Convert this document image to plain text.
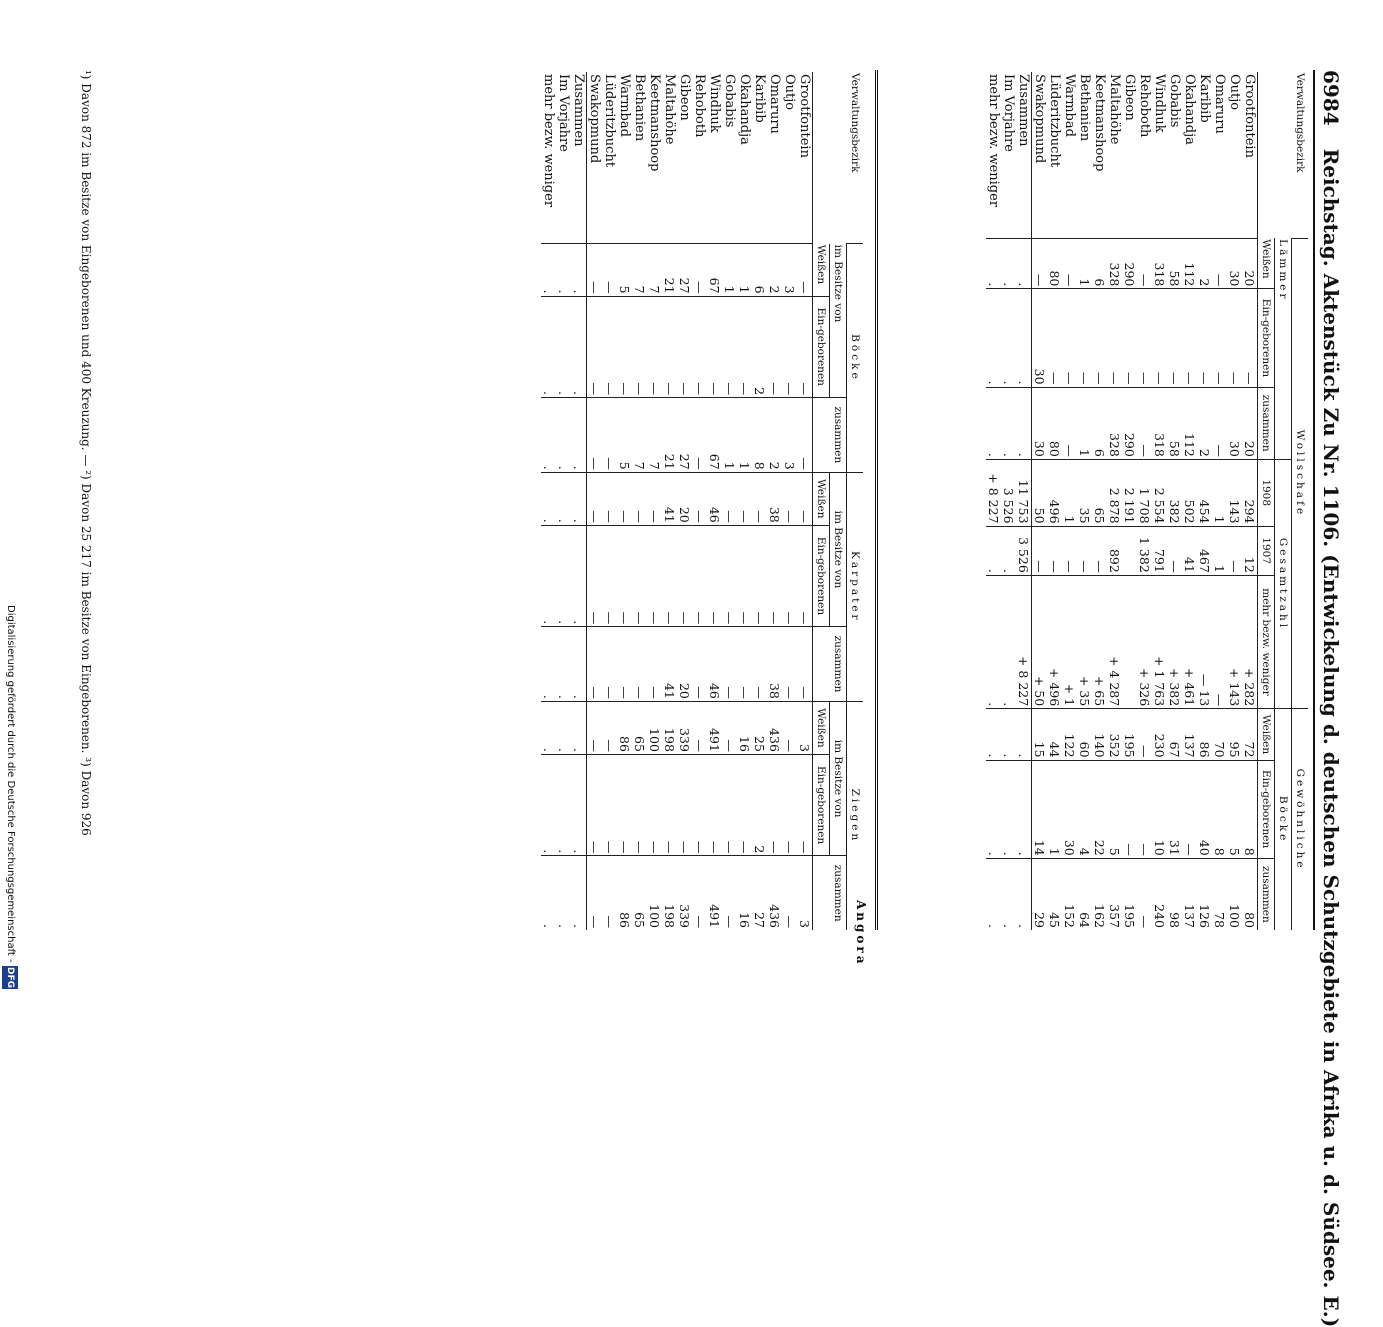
6984 Reichstag. Aktenstück Zu Nr. 1106. (Entwickelung d. deutschen Schutzgebiete in Afrika u. d. Südsee. E.)
Verwaltungsbezirk	Wollschafe						Gewöhnliche		
	Lämmer			Gesamtzahl			Böcke		
	Weißen	Ein-geborenen	zusammen	1908	1907	mehr bezw. weniger	Weißen	Ein-geborenen	zusammen
Grootfontein	20	—	20	294	12	+ 282	72	8	80
Outjo	30	—	30	143	—	+ 143	95	5	100
Omaruru	—	—	—	1	1	—	70	8	78
Karibib	2	—	2	454	467	— 13	86	40	126
Okahandja	112	—	112	502	41	+ 461	137	—	137
Gobabis	58	—	58	382	—	+ 382	67	31	98
Windhuk	318	—	318	2 554	791	+ 1 763	230	10	240
Rehoboth	—	—	—	1 708	1 382	+ 326	—	—	—
Gibeon	290	—	290	2 191			195	—	195
Maltahöhe	328	—	328	2 878	892	+ 4 287	352	5	357
Keetmanshoop	6	—	6	65	—	+ 65	140	22	162
Bethanien	1	—	1	35	—	+ 35	60	4	64
Warmbad	—	—	—	1	—	+ 1	122	30	152
Lüderitzbucht	80	—	80	496	—	+ 496	44	1	45
Swakopmund	—	30	30	50	—	+ 50	15	14	29
Zusammen	.	.	.	11 753	3 526	+ 8 227	.	.	.
Im Vorjahre	.	.	.	3 526	.	.	.	.	.
mehr bezw. weniger	.	.	.	+ 8 227	.	.	.	.	.
Verwaltungsbezirk	Böcke			Karpater			Ziegen		
	im Besitze von		zusammen	im Besitze von		zusammen	im Besitze von		zusammen
	Weißen	Ein-geborenen		Weißen	Ein-geborenen		Weißen	Ein-geborenen	
Grootfontein	—	—	—	—	—	—	3	—	3
Outjo	3	—	3	—	—	—	—	—	—
Omaruru	2	—	2	38	—	38	436	—	436
Karibib	6	2	8	—	—	—	25	2	27
Okahandja	1	—	1	—	—	—	16	—	16
Gobabis	1	—	1	—	—	—	—	—	—
Windhuk	67	—	67	46	—	46	491	—	491
Rehoboth	—	—	—	—	—	—	—	—	—
Gibeon	27	—	27	20	—	20	339	—	339
Maltahöhe	21	—	21	41	—	41	198	—	198
Keetmanshoop	7	—	7	—	—	—	100	—	100
Bethanien	7	—	7	—	—	—	65	—	65
Warmbad	5	—	5	—	—	—	86	—	86
Lüderitzbucht	—	—	—	—	—	—	—	—	—
Swakopmund	—	—	—	—	—	—	—	—	—
Zusammen	.	.	.	.	.	.	.	.	.
Im Vorjahre	.	.	.	.	.	.	.	.	.
mehr bezw. weniger	.	.	.	.	.	.	.	.	.	Angora
¹) Davon 872 im Besitze von Eingeborenen und 400 Kreuzung. — ²) Davon 25 217 im Besitze von Eingeborenen. ³) Davon 926
Digitalisierung gefördert durch die Deutsche Forschungsgemeinschaft - DFG
